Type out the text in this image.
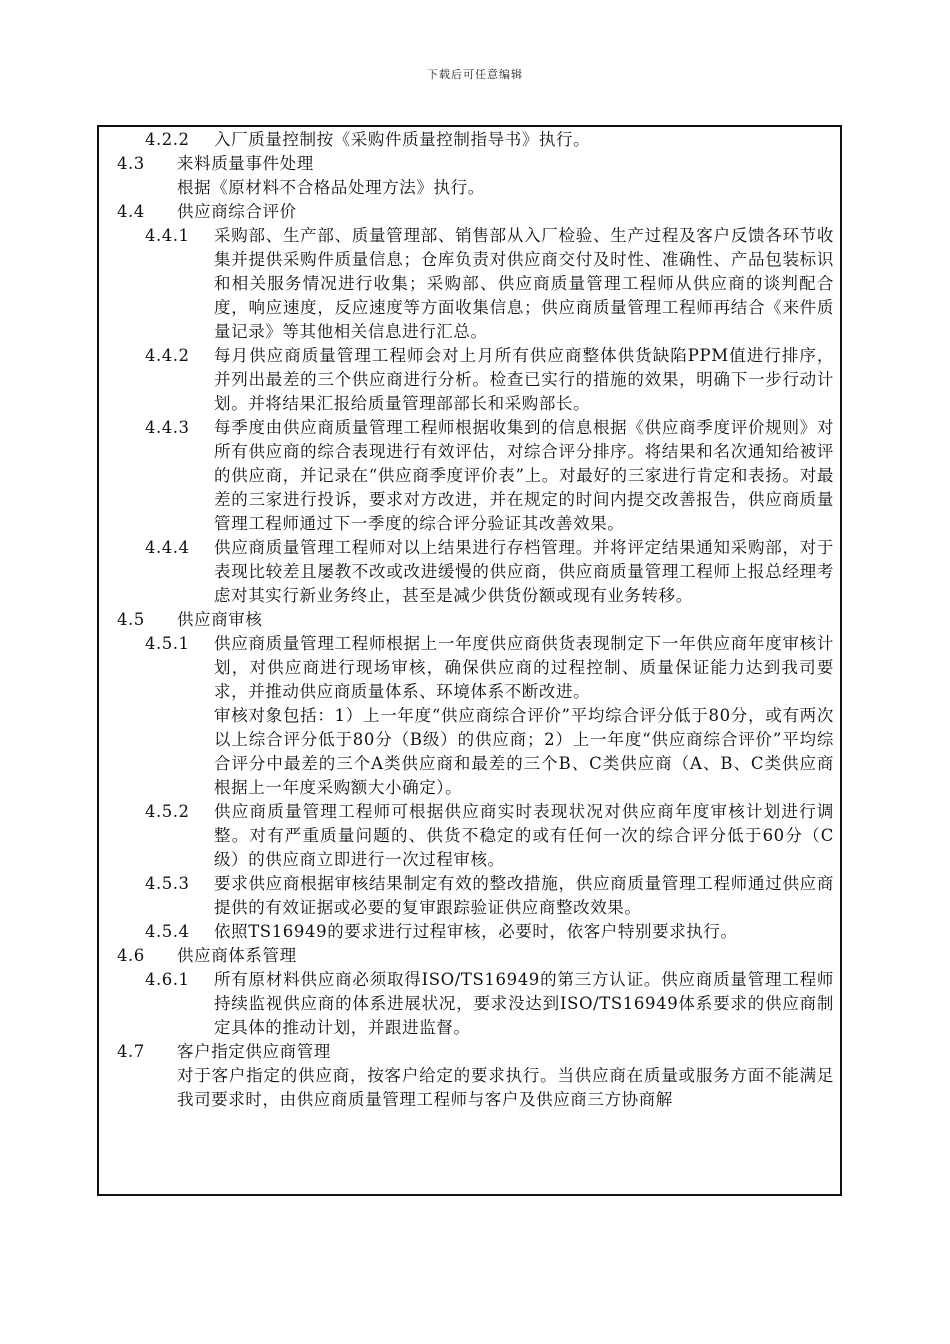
下载后可任意编辑
4.2.2 入厂质量控制按《采购件质量控制指导书》执行。
4.3 来料质量事件处理
根据《原材料不合格品处理方法》执行。
4.4 供应商综合评价
4.4.1 采购部、生产部、质量管理部、销售部从入厂检验、生产过程及客户反馈各环节收集并提供采购件质量信息；仓库负责对供应商交付及时性、准确性、产品包装标识和相关服务情况进行收集；采购部、供应商质量管理工程师从供应商的谈判配合度，响应速度，反应速度等方面收集信息；供应商质量管理工程师再结合《来件质量记录》等其他相关信息进行汇总。
4.4.2 每月供应商质量管理工程师会对上月所有供应商整体供货缺陷PPM值进行排序，并列出最差的三个供应商进行分析。检查已实行的措施的效果，明确下一步行动计划。并将结果汇报给质量管理部部长和采购部长。
4.4.3 每季度由供应商质量管理工程师根据收集到的信息根据《供应商季度评价规则》对所有供应商的综合表现进行有效评估，对综合评分排序。将结果和名次通知给被评的供应商，并记录在“供应商季度评价表”上。对最好的三家进行肯定和表扬。对最差的三家进行投诉，要求对方改进，并在规定的时间内提交改善报告，供应商质量管理工程师通过下一季度的综合评分验证其改善效果。
4.4.4 供应商质量管理工程师对以上结果进行存档管理。并将评定结果通知采购部，对于表现比较差且屡教不改或改进缓慢的供应商，供应商质量管理工程师上报总经理考虑对其实行新业务终止，甚至是减少供货份额或现有业务转移。
4.5 供应商审核
4.5.1 供应商质量管理工程师根据上一年度供应商供货表现制定下一年供应商年度审核计划，对供应商进行现场审核，确保供应商的过程控制、质量保证能力达到我司要求，并推动供应商质量体系、环境体系不断改进。
审核对象包括：1）上一年度“供应商综合评价”平均综合评分低于80分，或有两次以上综合评分低于80分（B级）的供应商；2）上一年度“供应商综合评价”平均综合评分中最差的三个A类供应商和最差的三个B、C类供应商（A、B、C类供应商根据上一年度采购额大小确定）。
4.5.2 供应商质量管理工程师可根据供应商实时表现状况对供应商年度审核计划进行调整。对有严重质量问题的、供货不稳定的或有任何一次的综合评分低于60分（C级）的供应商立即进行一次过程审核。
4.5.3 要求供应商根据审核结果制定有效的整改措施，供应商质量管理工程师通过供应商提供的有效证据或必要的复审跟踪验证供应商整改效果。
4.5.4 依照TS16949的要求进行过程审核，必要时，依客户特别要求执行。
4.6 供应商体系管理
4.6.1 所有原材料供应商必须取得ISO/TS16949的第三方认证。供应商质量管理工程师持续监视供应商的体系进展状况，要求没达到ISO/TS16949体系要求的供应商制定具体的推动计划，并跟进监督。
4.7 客户指定供应商管理
对于客户指定的供应商，按客户给定的要求执行。当供应商在质量或服务方面不能满足我司要求时，由供应商质量管理工程师与客户及供应商三方协商解
